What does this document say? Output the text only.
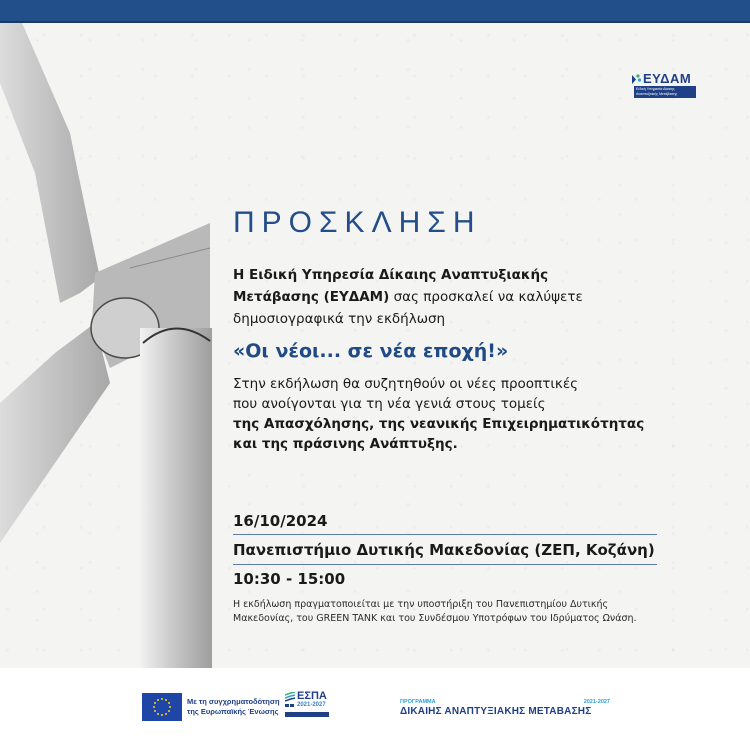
ΕΥΔΑΜ
Ειδική Υπηρεσία Δίκαιης
Αναπτυξιακής Μετάβασης
ΠΡΟΣΚΛΗΣΗ
Η Ειδική Υπηρεσία Δίκαιης Αναπτυξιακής
Μετάβασης (ΕΥΔΑΜ) σας προσκαλεί να καλύψετε
δημοσιογραφικά την εκδήλωση
«Οι νέοι... σε νέα εποχή!»
Στην εκδήλωση θα συζητηθούν οι νέες προοπτικές
που ανοίγονται για τη νέα γενιά στους τομείς
της Απασχόλησης, της νεανικής Επιχειρηματικότητας
και της πράσινης Ανάπτυξης.
16/10/2024
Πανεπιστήμιο Δυτικής Μακεδονίας (ΖΕΠ, Κοζάνη)
10:30 - 15:00
Η εκδήλωση πραγματοποιείται με την υποστήριξη του Πανεπιστημίου Δυτικής
Μακεδονίας, του GREEN TANK και του Συνδέσμου Υποτρόφων του Ιδρύματος Ωνάση.
Με τη συγχρηματοδότηση
της Ευρωπαϊκής Ένωσης
ΕΣΠΑ
2021-2027	ΠΡΟΓΡΑΜΜΑ	2021-2027
ΔΙΚΑΙΗΣ ΑΝΑΠΤΥΞΙΑΚΗΣ ΜΕΤΑΒΑΣΗΣ
